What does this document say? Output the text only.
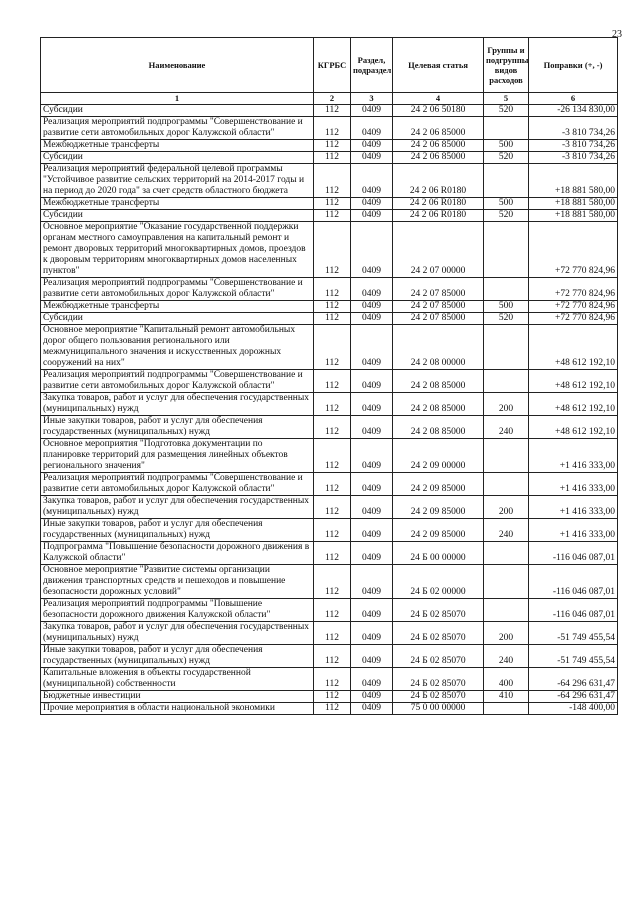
23
Наименование	КГРБС	Раздел, подраздел	Целевая статья	Группы и подгруппы видов расходов	Поправки (+, -)
1	2	3	4	5	6
Субсидии	112	0409	24 2 06 50180	520	-26 134 830,00
Реализация мероприятий подпрограммы "Совершенствование и развитие сети автомобильных дорог Калужской области"	112	0409	24 2 06 85000		-3 810 734,26
Межбюджетные трансферты	112	0409	24 2 06 85000	500	-3 810 734,26
Субсидии	112	0409	24 2 06 85000	520	-3 810 734,26
Реализация мероприятий федеральной целевой программы "Устойчивое развитие сельских территорий на 2014-2017 годы и на период до 2020 года" за счет средств областного бюджета	112	0409	24 2 06 R0180		+18 881 580,00
Межбюджетные трансферты	112	0409	24 2 06 R0180	500	+18 881 580,00
Субсидии	112	0409	24 2 06 R0180	520	+18 881 580,00
Основное мероприятие "Оказание государственной поддержки органам местного самоуправления на капитальный ремонт и ремонт дворовых территорий многоквартирных домов, проездов к дворовым территориям многоквартирных домов населенных пунктов"	112	0409	24 2 07 00000		+72 770 824,96
Реализация мероприятий подпрограммы "Совершенствование и развитие сети автомобильных дорог Калужской области"	112	0409	24 2 07 85000		+72 770 824,96
Межбюджетные трансферты	112	0409	24 2 07 85000	500	+72 770 824,96
Субсидии	112	0409	24 2 07 85000	520	+72 770 824,96
Основное мероприятие "Капитальный ремонт автомобильных дорог общего пользования регионального или межмуниципального значения и искусственных дорожных сооружений на них"	112	0409	24 2 08 00000		+48 612 192,10
Реализация мероприятий подпрограммы "Совершенствование и развитие сети автомобильных дорог Калужской области"	112	0409	24 2 08 85000		+48 612 192,10
Закупка товаров, работ и услуг для обеспечения государственных (муниципальных) нужд	112	0409	24 2 08 85000	200	+48 612 192,10
Иные закупки товаров, работ и услуг для обеспечения государственных (муниципальных) нужд	112	0409	24 2 08 85000	240	+48 612 192,10
Основное мероприятия "Подготовка документации по планировке территорий для размещения линейных объектов регионального значения"	112	0409	24 2 09 00000		+1 416 333,00
Реализация мероприятий подпрограммы "Совершенствование и развитие сети автомобильных дорог Калужской области"	112	0409	24 2 09 85000		+1 416 333,00
Закупка товаров, работ и услуг для обеспечения государственных (муниципальных) нужд	112	0409	24 2 09 85000	200	+1 416 333,00
Иные закупки товаров, работ и услуг для обеспечения государственных (муниципальных) нужд	112	0409	24 2 09 85000	240	+1 416 333,00
Подпрограмма "Повышение безопасности дорожного движения в Калужской области"	112	0409	24 Б 00 00000		-116 046 087,01
Основное мероприятие "Развитие системы организации движения транспортных средств и пешеходов и повышение безопасности дорожных условий"	112	0409	24 Б 02 00000		-116 046 087,01
Реализация мероприятий подпрограммы "Повышение безопасности дорожного движения Калужской области"	112	0409	24 Б 02 85070		-116 046 087,01
Закупка товаров, работ и услуг для обеспечения государственных (муниципальных) нужд	112	0409	24 Б 02 85070	200	-51 749 455,54
Иные закупки товаров, работ и услуг для обеспечения государственных (муниципальных) нужд	112	0409	24 Б 02 85070	240	-51 749 455,54
Капитальные вложения в объекты государственной (муниципальной) собственности	112	0409	24 Б 02 85070	400	-64 296 631,47
Бюджетные инвестиции	112	0409	24 Б 02 85070	410	-64 296 631,47
Прочие мероприятия в области национальной экономики	112	0409	75 0 00 00000		-148 400,00
